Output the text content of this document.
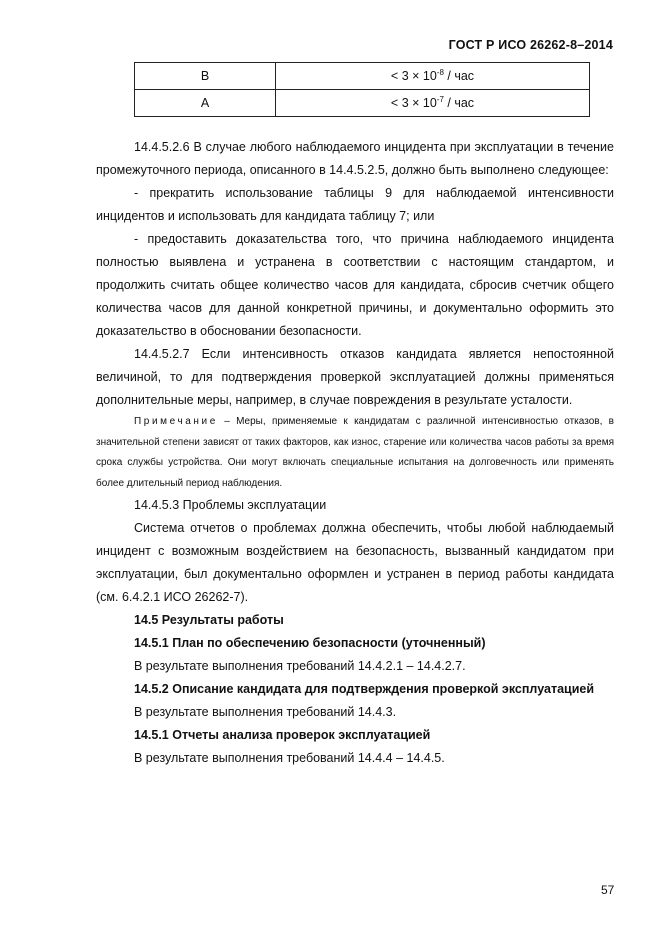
ГОСТ Р ИСО 26262-8–2014
B	< $3 \times 10^{-8}$ / час
A	< $3 \times 10^{-7}$ / час

14.4.5.2.6 В случае любого наблюдаемого инцидента при эксплуатации в течение промежуточного периода, описанного в 14.4.5.2.5, должно быть выполнено следующее:

- прекратить использование таблицы 9 для наблюдаемой интенсивности инцидентов и использовать для кандидата таблицу 7; или

- предоставить доказательства того, что причина наблюдаемого инцидента полностью выявлена и устранена в соответствии с настоящим стандартом, и продолжить считать общее количество часов для кандидата, сбросив счетчик общего количества часов для данной конкретной причины, и документально оформить это доказательство в обосновании безопасности.

14.4.5.2.7 Если интенсивность отказов кандидата является непостоянной величиной, то для подтверждения проверкой эксплуатацией должны применяться дополнительные меры, например, в случае повреждения в результате усталости.

Примечание – Меры, применяемые к кандидатам с различной интенсивностью отказов, в значительной степени зависят от таких факторов, как износ, старение или количества часов работы за время срока службы устройства. Они могут включать специальные испытания на долговечность или применять более длительный период наблюдения.

14.4.5.3 Проблемы эксплуатации

Система отчетов о проблемах должна обеспечить, чтобы любой наблюдаемый инцидент с возможным воздействием на безопасность, вызванный кандидатом при эксплуатации, был документально оформлен и устранен в период работы кандидата (см. 6.4.2.1 ИСО 26262-7).

14.5 Результаты работы

14.5.1 План по обеспечению безопасности (уточненный)

В результате выполнения требований 14.4.2.1 – 14.4.2.7.

14.5.2 Описание кандидата для подтверждения проверкой эксплуатацией

В результате выполнения требований 14.4.3.

14.5.1 Отчеты анализа проверок эксплуатацией

В результате выполнения требований 14.4.4 – 14.4.5.

57
